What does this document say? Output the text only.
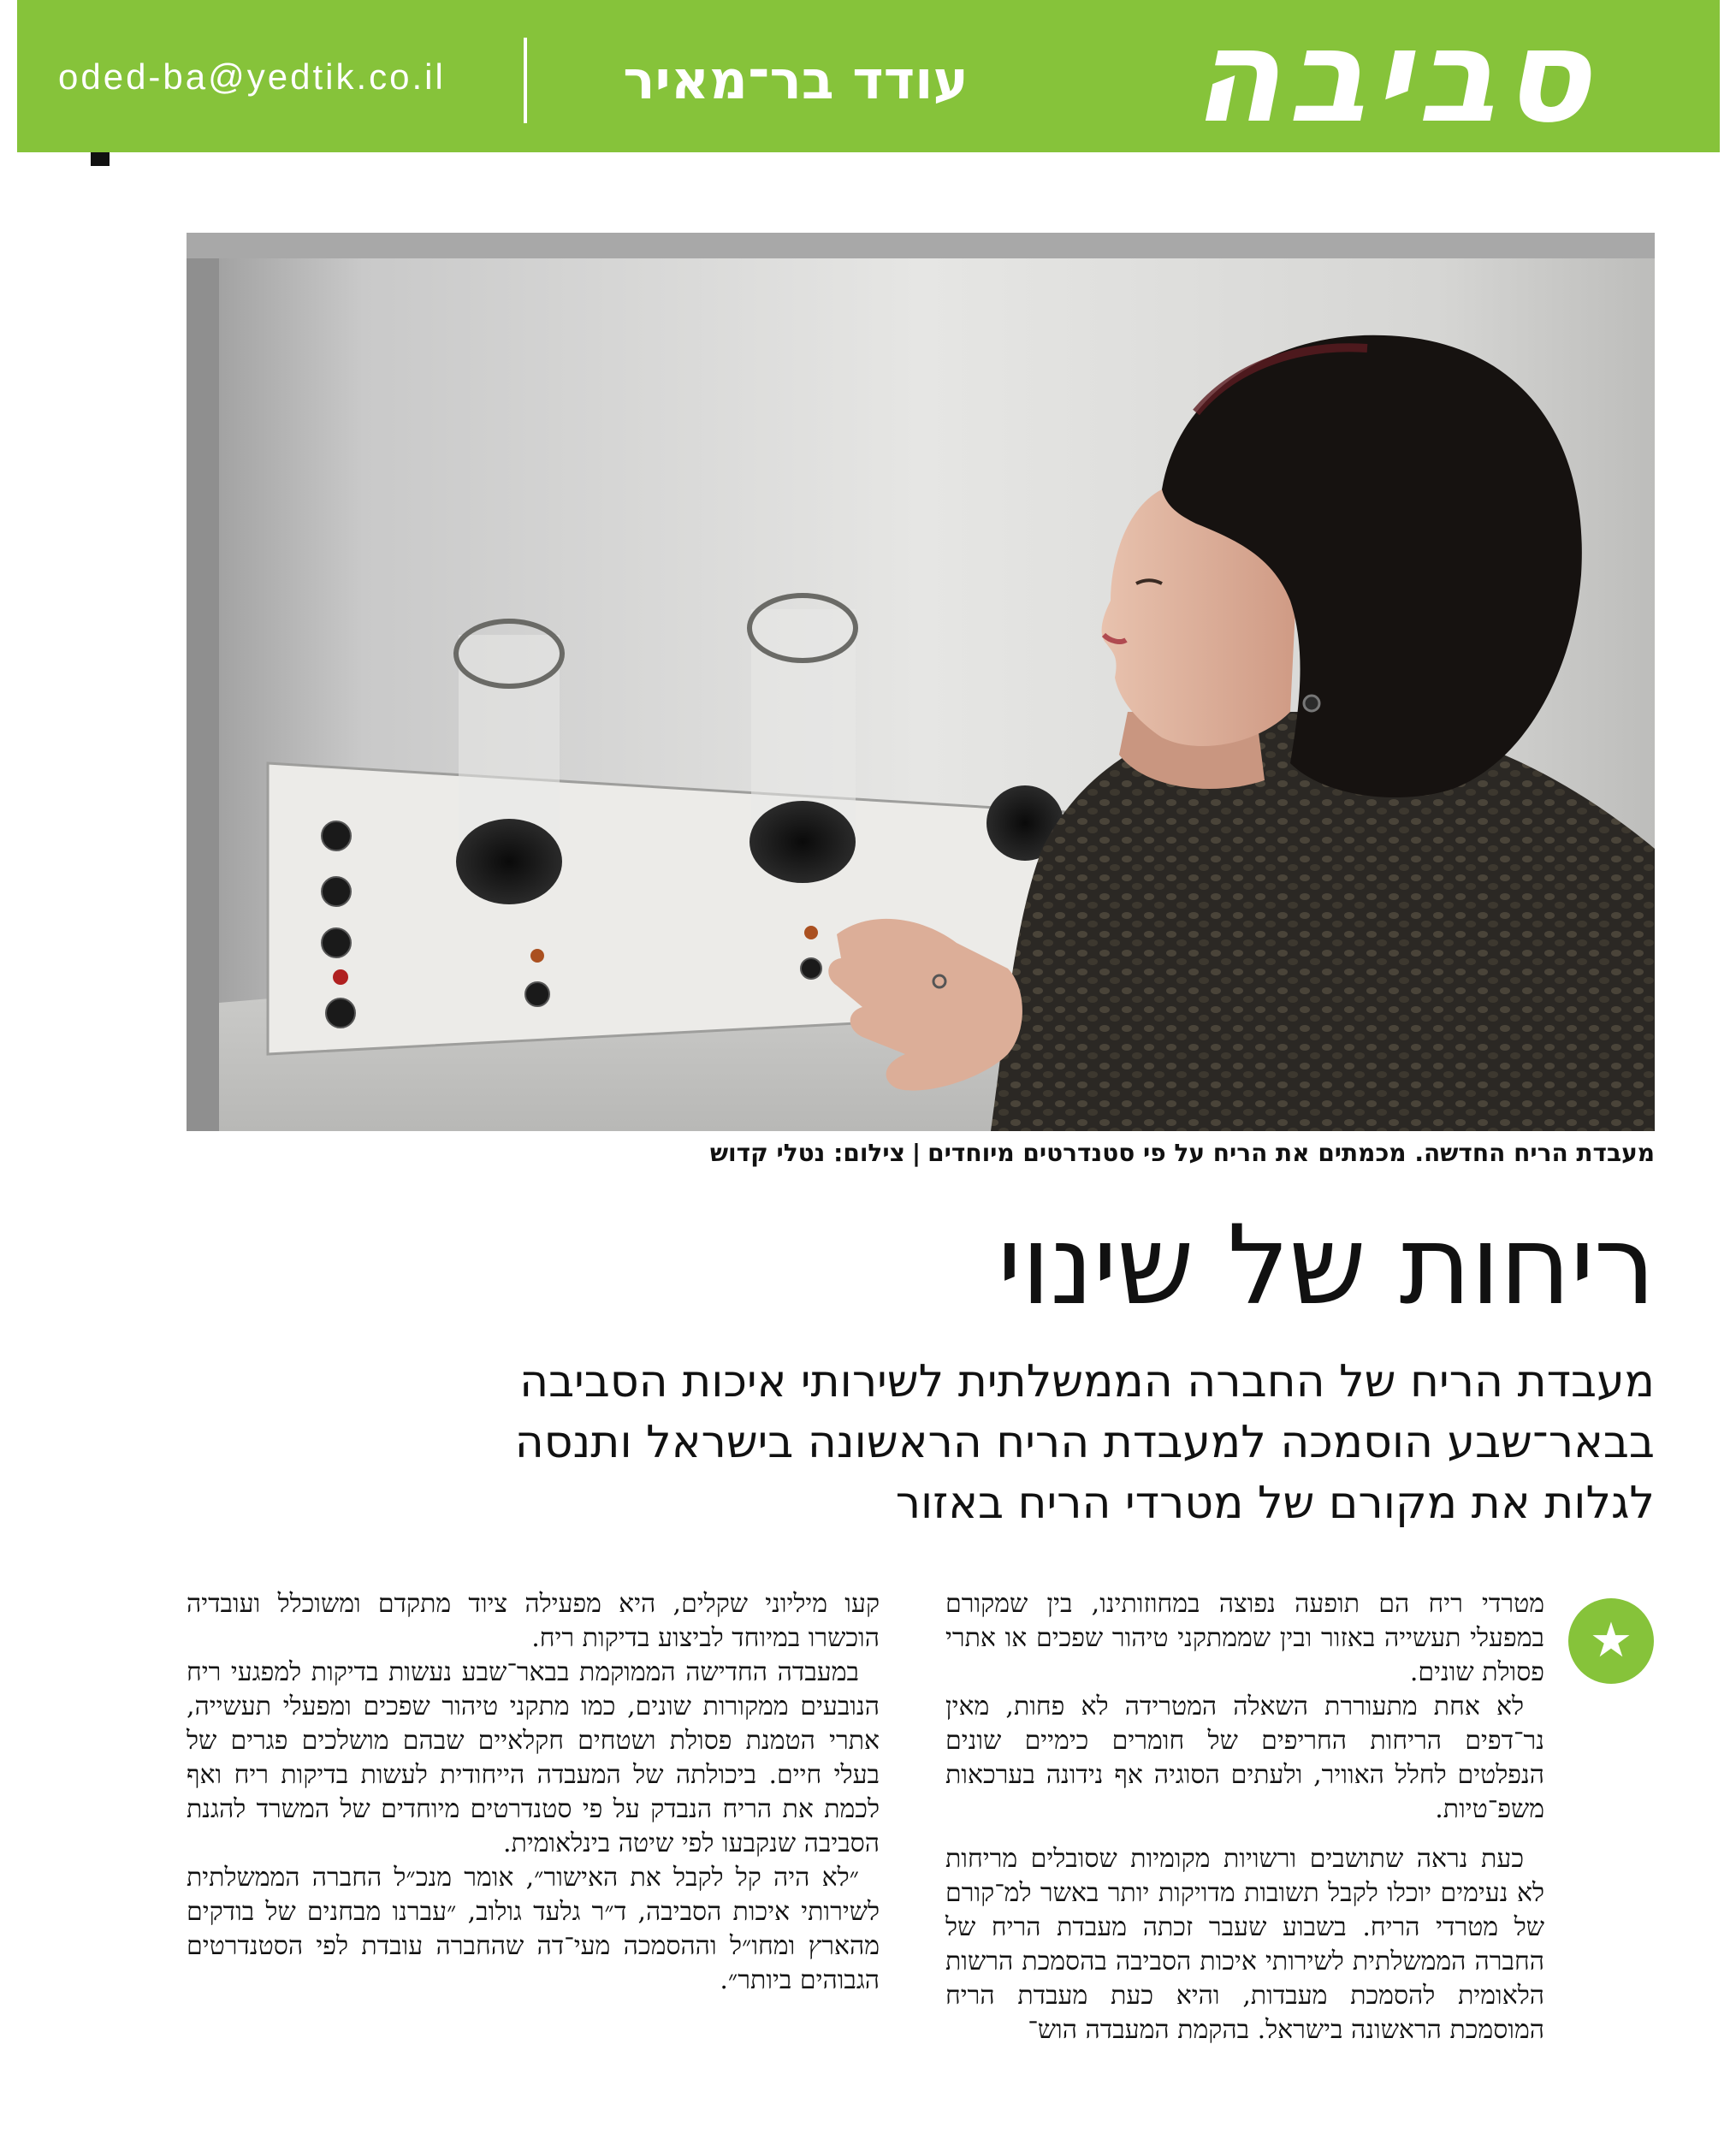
oded-ba@yedtik.co.il	עודד בר־מאיר	סביבה
מעבדת הריח החדשה. מכמתים את הריח על פי סטנדרטים מיוחדים|צילום: נטלי קדוש
ריחות של שינוי
מעבדת הריח של החברה הממשלתית לשירותי איכות הסביבה
בבאר־שבע הוסמכה למעבדת הריח הראשונה בישראל ותנסה
לגלות את מקורם של מטרדי הריח באזור
★

מטרדי ריח הם תופעה נפוצה במחוזותינו, בין שמקורם במפעלי תעשייה באזור ובין שממתקני טיהור שפכים או אתרי פסולת שונים.

לא אחת מתעוררת השאלה המטרידה לא פחות, מאין נר־דפים הריחות החריפים של חומרים כימיים שונים הנפלטים לחלל האוויר, ולעתים הסוגיה אף נידונה בערכאות משפ־טיות.

כעת נראה שתושבים ורשויות מקומיות שסובלים מריחות לא נעימים יוכלו לקבל תשובות מדויקות יותר באשר למ־קורם של מטרדי הריח. בשבוע שעבר זכתה מעבדת הריח של החברה הממשלתית לשירותי איכות הסביבה בהסמכת הרשות הלאומית להסמכת מעבדות, והיא כעת מעבדת הריח המוסמכת הראשונה בישראל. בהקמת המעבדה הוש־

קעו מיליוני שקלים, היא מפעילה ציוד מתקדם ומשוכלל ועובדיה הוכשרו במיוחד לביצוע בדיקות ריח.

במעבדה החדישה הממוקמת בבאר־שבע נעשות בדיקות למפגעי ריח הנובעים ממקורות שונים, כמו מתקני טיהור שפכים ומפעלי תעשייה, אתרי הטמנת פסולת ושטחים חקלאיים שבהם מושלכים פגרים של בעלי חיים. ביכולתה של המעבדה הייחודית לעשות בדיקות ריח ואף לכמת את הריח הנבדק על פי סטנדרטים מיוחדים של המשרד להגנת הסביבה שנקבעו לפי שיטה בינלאומית.

״לא היה קל לקבל את האישור״, אומר מנכ״ל החברה הממשלתית לשירותי איכות הסביבה, ד״ר גלעד גולוב, ״עברנו מבחנים של בודקים מהארץ ומחו״ל וההסמכה מעי־דה שהחברה עובדת לפי הסטנדרטים הגבוהים ביותר״.
